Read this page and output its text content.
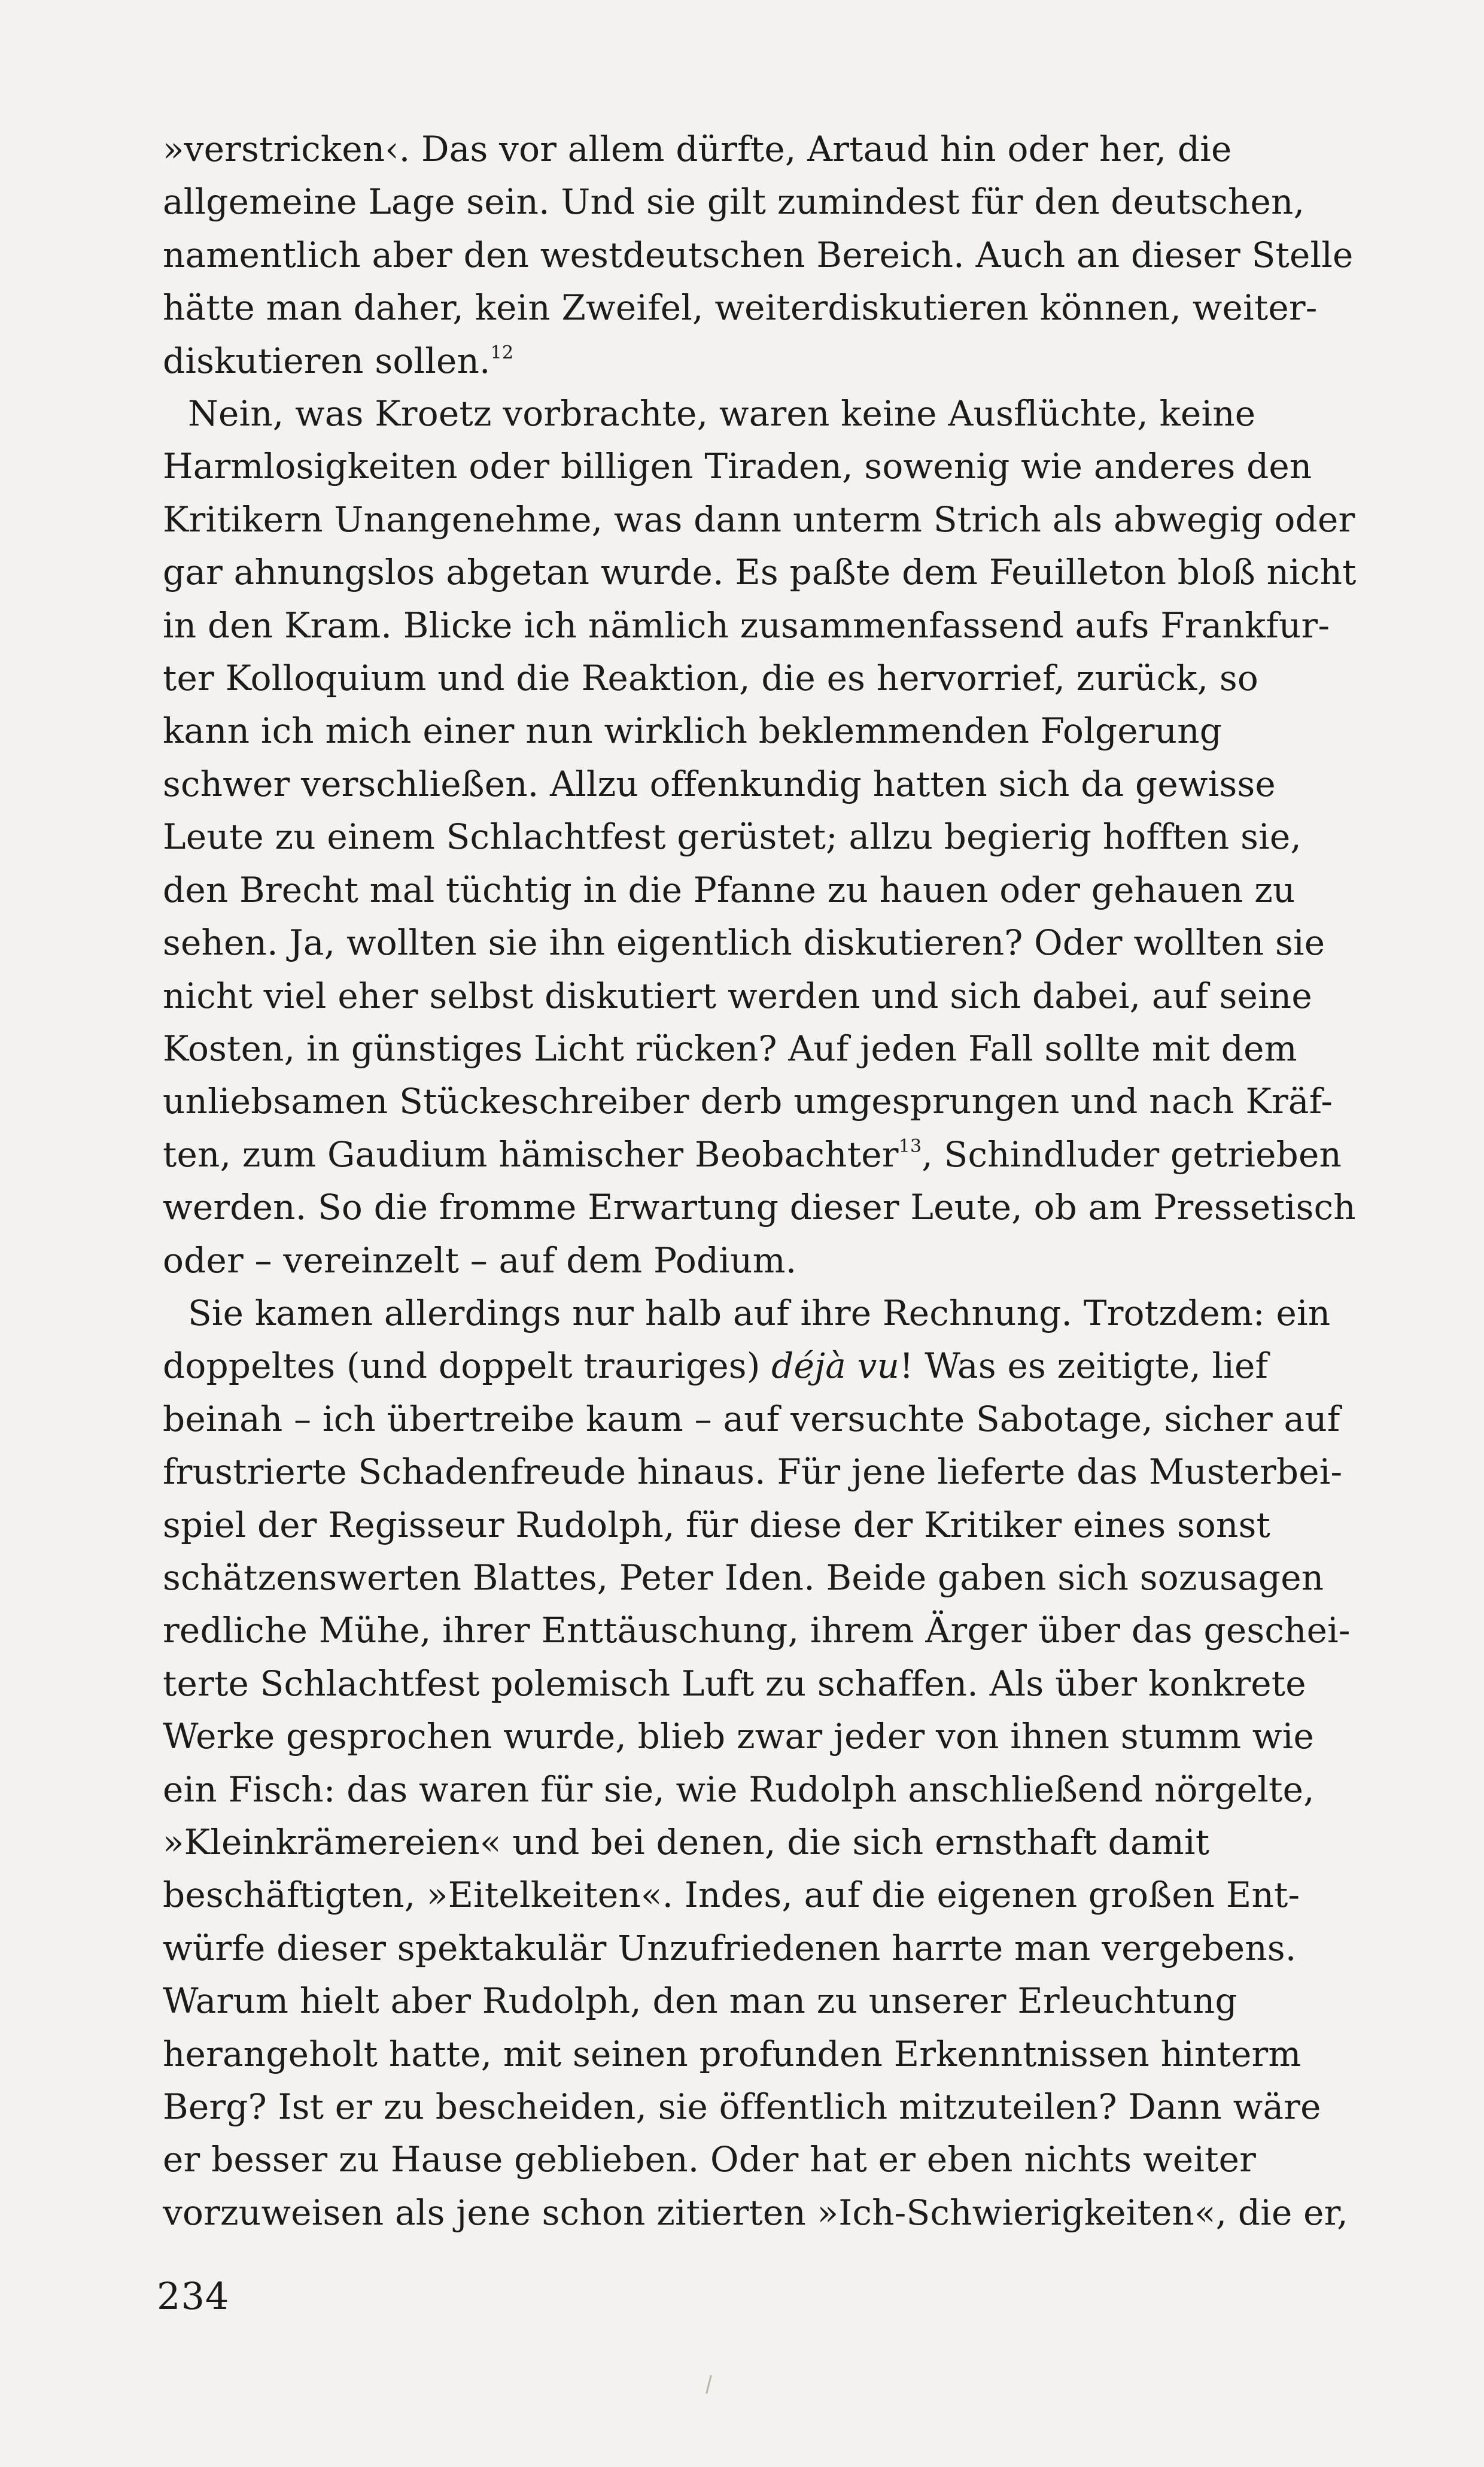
»verstricken‹. Das vor allem dürfte, Artaud hin oder her, die
allgemeine Lage sein. Und sie gilt zumindest für den deutschen,
namentlich aber den westdeutschen Bereich. Auch an dieser Stelle
hätte man daher, kein Zweifel, weiterdiskutieren können, weiter-
diskutieren sollen.$^{12}$

Nein, was Kroetz vorbrachte, waren keine Ausflüchte, keine
Harmlosigkeiten oder billigen Tiraden, sowenig wie anderes den
Kritikern Unangenehme, was dann unterm Strich als abwegig oder
gar ahnungslos abgetan wurde. Es paßte dem Feuilleton bloß nicht
in den Kram. Blicke ich nämlich zusammenfassend aufs Frankfur-
ter Kolloquium und die Reaktion, die es hervorrief, zurück, so
kann ich mich einer nun wirklich beklemmenden Folgerung
schwer verschließen. Allzu offenkundig hatten sich da gewisse
Leute zu einem Schlachtfest gerüstet; allzu begierig hofften sie,
den Brecht mal tüchtig in die Pfanne zu hauen oder gehauen zu
sehen. Ja, wollten sie ihn eigentlich diskutieren? Oder wollten sie
nicht viel eher selbst diskutiert werden und sich dabei, auf seine
Kosten, in günstiges Licht rücken? Auf jeden Fall sollte mit dem
unliebsamen Stückeschreiber derb umgesprungen und nach Kräf-
ten, zum Gaudium hämischer Beobachter$^{13}$, Schindluder getrieben
werden. So die fromme Erwartung dieser Leute, ob am Pressetisch
oder – vereinzelt – auf dem Podium.

Sie kamen allerdings nur halb auf ihre Rechnung. Trotzdem: ein
doppeltes (und doppelt trauriges) déjà vu! Was es zeitigte, lief
beinah – ich übertreibe kaum – auf versuchte Sabotage, sicher auf
frustrierte Schadenfreude hinaus. Für jene lieferte das Musterbei-
spiel der Regisseur Rudolph, für diese der Kritiker eines sonst
schätzenswerten Blattes, Peter Iden. Beide gaben sich sozusagen
redliche Mühe, ihrer Enttäuschung, ihrem Ärger über das geschei-
terte Schlachtfest polemisch Luft zu schaffen. Als über konkrete
Werke gesprochen wurde, blieb zwar jeder von ihnen stumm wie
ein Fisch: das waren für sie, wie Rudolph anschließend nörgelte,
»Kleinkrämereien« und bei denen, die sich ernsthaft damit
beschäftigten, »Eitelkeiten«. Indes, auf die eigenen großen Ent-
würfe dieser spektakulär Unzufriedenen harrte man vergebens.
Warum hielt aber Rudolph, den man zu unserer Erleuchtung
herangeholt hatte, mit seinen profunden Erkenntnissen hinterm
Berg? Ist er zu bescheiden, sie öffentlich mitzuteilen? Dann wäre
er besser zu Hause geblieben. Oder hat er eben nichts weiter
vorzuweisen als jene schon zitierten »Ich-Schwierigkeiten«, die er,

234
